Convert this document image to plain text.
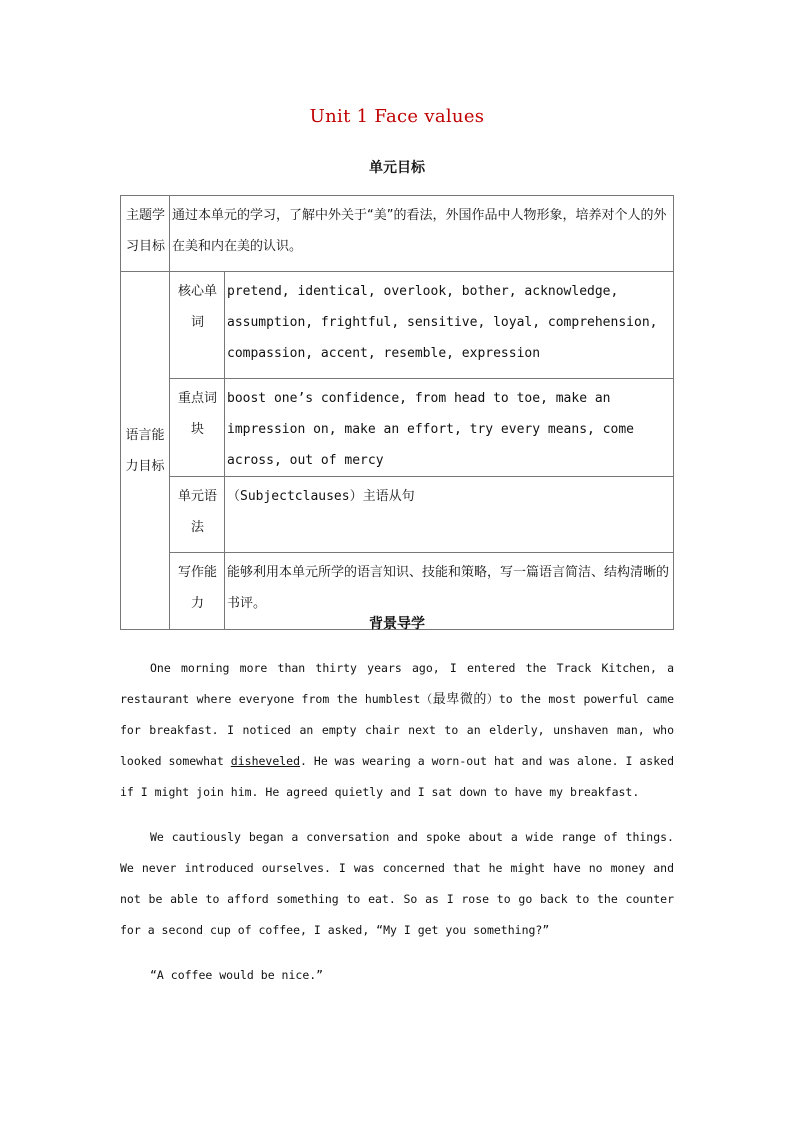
Unit 1 Face values
单元目标
主题学习目标	通过本单元的学习，了解中外关于“美”的看法，外国作品中人物形象，培养对个人的外在美和内在美的认识。	
语言能力目标	核心单词	pretend, identical, overlook, bother, acknowledge, assumption, frightful, sensitive, loyal, comprehension, compassion, accent, resemble, expression
	重点词块	boost one’s confidence, from head to toe, make an impression on, make an effort, try every means, come across, out of mercy
	单元语法	（Subjectclauses）主语从句
	写作能力	能够利用本单元所学的语言知识、技能和策略，写一篇语言简洁、结构清晰的书评。
背景导学
One morning more than thirty years ago, I entered the Track Kitchen, a restaurant where everyone from the humblest（最卑微的）to the most powerful came for breakfast. I noticed an empty chair next to an elderly, unshaven man, who looked somewhat disheveled. He was wearing a worn-out hat and was alone. I asked if I might join him. He agreed quietly and I sat down to have my breakfast.
We cautiously began a conversation and spoke about a wide range of things. We never introduced ourselves. I was concerned that he might have no money and not be able to afford something to eat. So as I rose to go back to the counter for a second cup of coffee, I asked, “My I get you something?”
“A coffee would be nice.”
